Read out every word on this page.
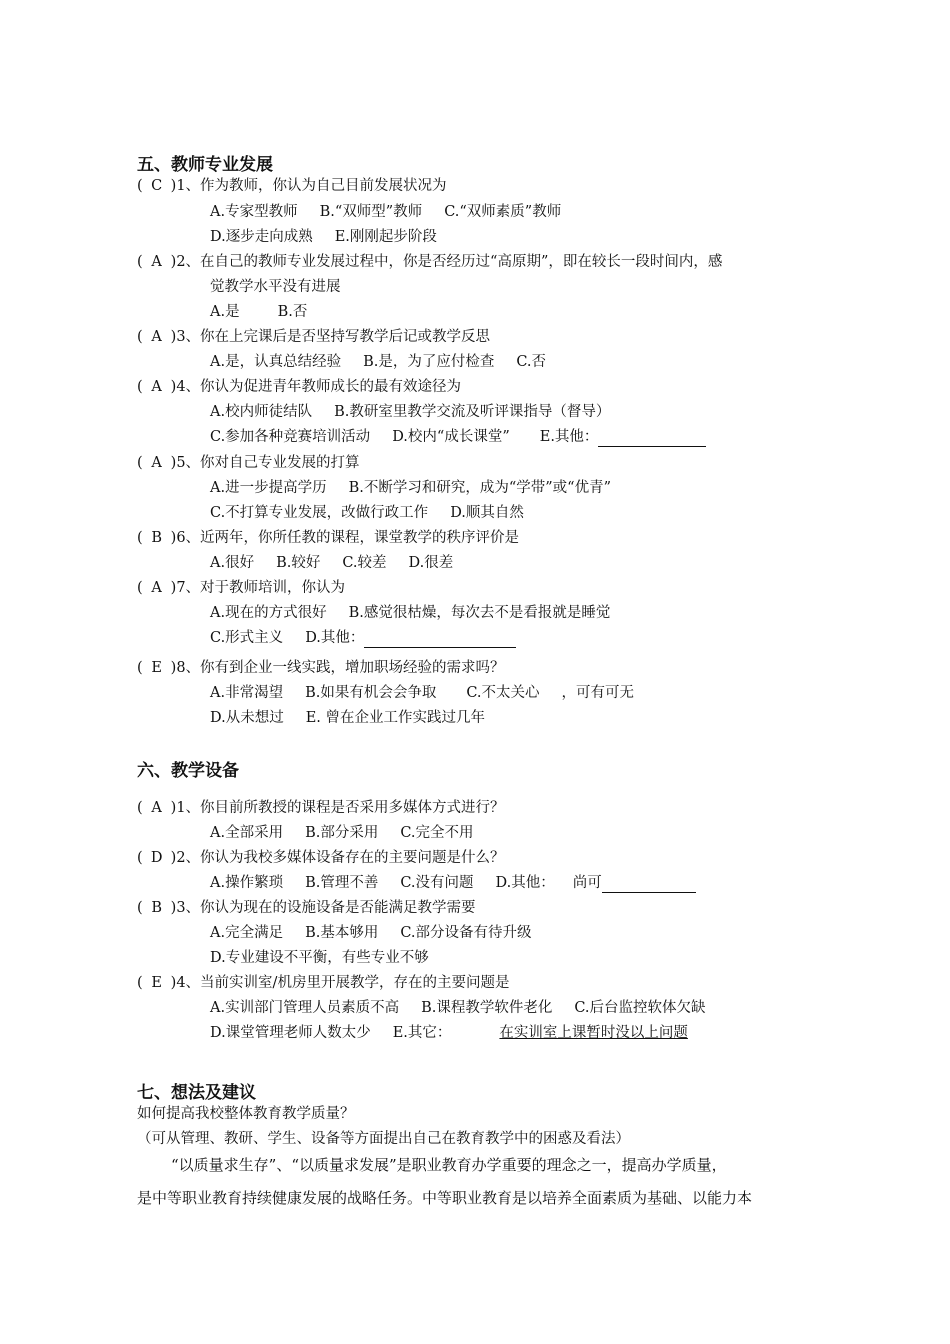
五、教师专业发展
( C )1、作为教师，你认为自己目前发展状况为
A.专家型教师 B.“双师型”教师 C.“双师素质”教师
D.逐步走向成熟 E.刚刚起步阶段
( A )2、在自己的教师专业发展过程中，你是否经历过“高原期”，即在较长一段时间内，感
觉教学水平没有进展
A.是	B.否
( A )3、你在上完课后是否坚持写教学后记或教学反思
A.是，认真总结经验 B.是，为了应付检查 C.否
( A )4、你认为促进青年教师成长的最有效途径为
A.校内师徒结队 B.教研室里教学交流及听评课指导（督导）
C.参加各种竞赛培训活动 D.校内“成长课堂” E.其他：
( A )5、你对自己专业发展的打算
A.进一步提高学历 B.不断学习和研究，成为“学带”或“优青”
C.不打算专业发展，改做行政工作 D.顺其自然
( B )6、近两年，你所任教的课程，课堂教学的秩序评价是
A.很好 B.较好 C.较差 D.很差
( A )7、对于教师培训，你认为
A.现在的方式很好 B.感觉很枯燥，每次去不是看报就是睡觉
C.形式主义 D.其他：
( E )8、你有到企业一线实践，增加职场经验的需求吗？
A.非常渴望 B.如果有机会会争取 C.不太关心 ，可有可无
D.从未想过 E. 曾在企业工作实践过几年
六、教学设备
( A )1、你目前所教授的课程是否采用多媒体方式进行？
A.全部采用 B.部分采用 C.完全不用
( D )2、你认为我校多媒体设备存在的主要问题是什么？
A.操作繁琐 B.管理不善 C.没有问题 D.其他： 尚可
( B )3、你认为现在的设施设备是否能满足教学需要
A.完全满足 B.基本够用 C.部分设备有待升级
D.专业建设不平衡，有些专业不够
( E )4、当前实训室/机房里开展教学，存在的主要问题是
A.实训部门管理人员素质不高 B.课程教学软件老化 C.后台监控软体欠缺
D.课堂管理老师人数太少 E.其它：	在实训室上课暂时没以上问题
七、想法及建议
如何提高我校整体教育教学质量？
（可从管理、教研、学生、设备等方面提出自己在教育教学中的困惑及看法）
“以质量求生存”、“以质量求发展”是职业教育办学重要的理念之一，提高办学质量，
是中等职业教育持续健康发展的战略任务。中等职业教育是以培养全面素质为基础、以能力本
